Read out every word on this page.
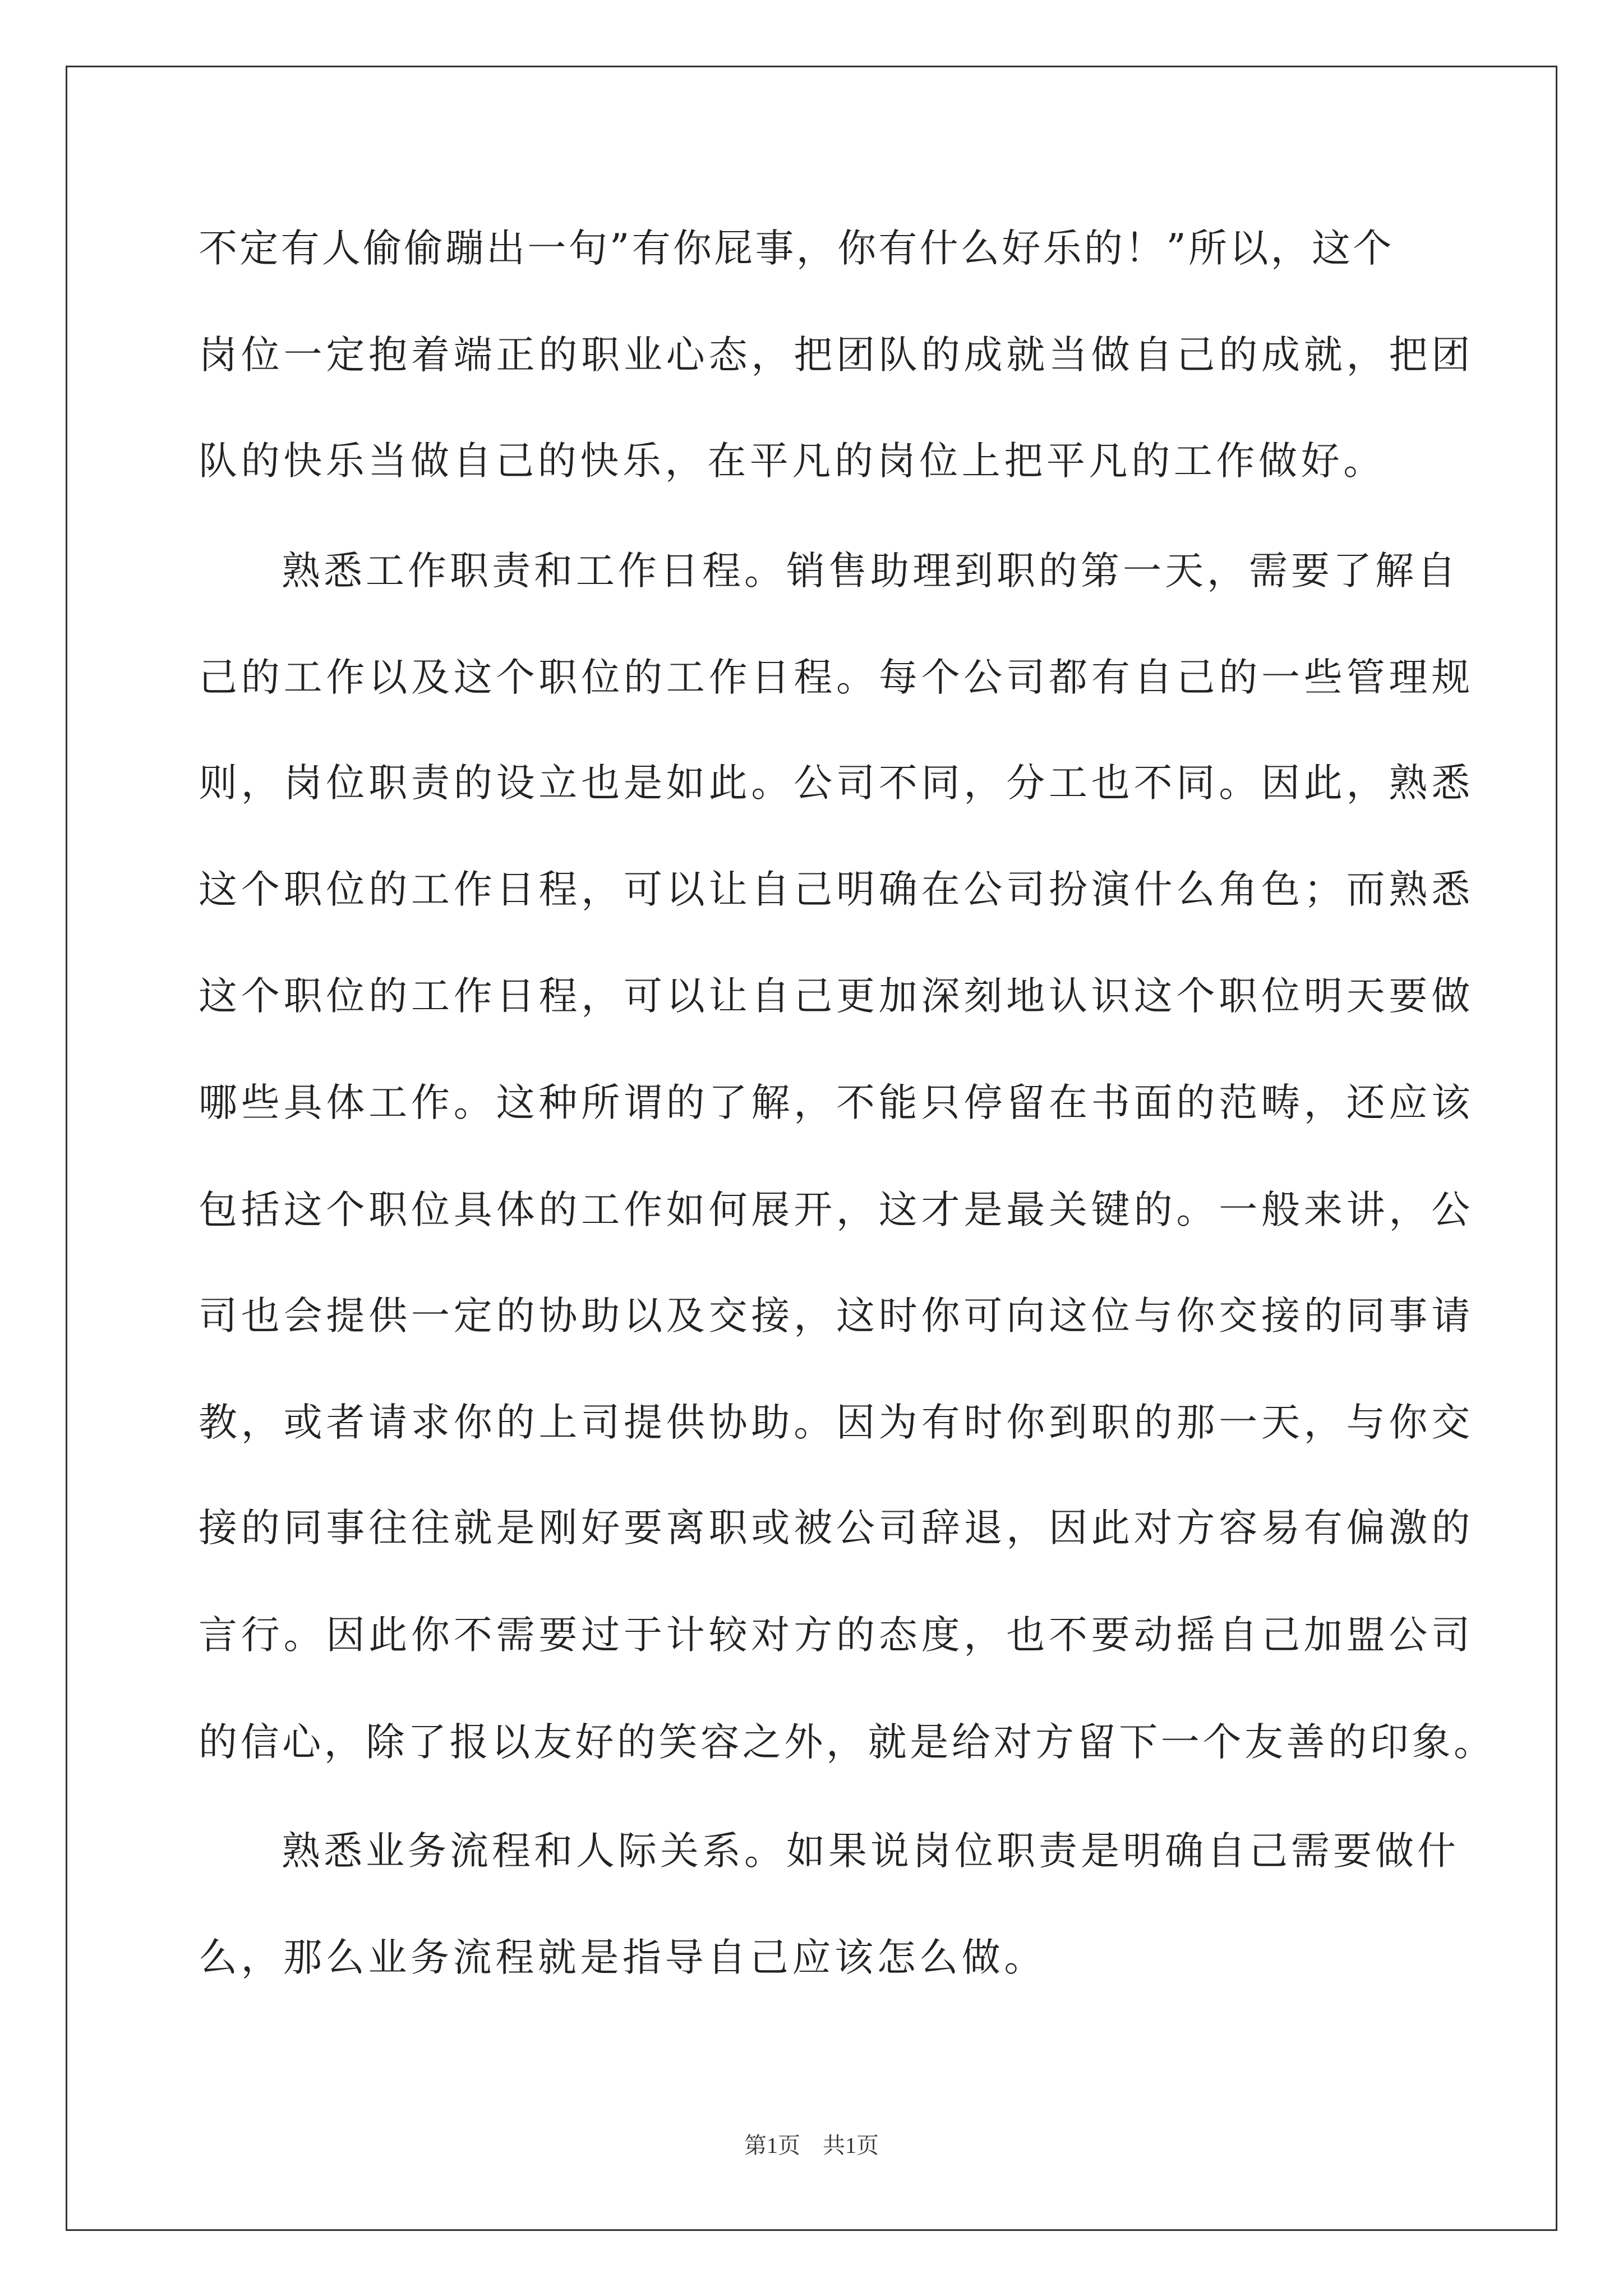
不定有人偷偷蹦出一句”有你屁事，你有什么好乐的！”所以，这个
岗位一定抱着端正的职业心态，把团队的成就当做自己的成就，把团
队的快乐当做自己的快乐，在平凡的岗位上把平凡的工作做好。
熟悉工作职责和工作日程。销售助理到职的第一天，需要了解自
己的工作以及这个职位的工作日程。每个公司都有自己的一些管理规
则，岗位职责的设立也是如此。公司不同，分工也不同。因此，熟悉
这个职位的工作日程，可以让自己明确在公司扮演什么角色；而熟悉
这个职位的工作日程，可以让自己更加深刻地认识这个职位明天要做
哪些具体工作。这种所谓的了解，不能只停留在书面的范畴，还应该
包括这个职位具体的工作如何展开，这才是最关键的。一般来讲，公
司也会提供一定的协助以及交接，这时你可向这位与你交接的同事请
教，或者请求你的上司提供协助。因为有时你到职的那一天，与你交
接的同事往往就是刚好要离职或被公司辞退，因此对方容易有偏激的
言行。因此你不需要过于计较对方的态度，也不要动摇自己加盟公司
的信心，除了报以友好的笑容之外，就是给对方留下一个友善的印象。
熟悉业务流程和人际关系。如果说岗位职责是明确自己需要做什
么，那么业务流程就是指导自己应该怎么做。
第1页　共1页
